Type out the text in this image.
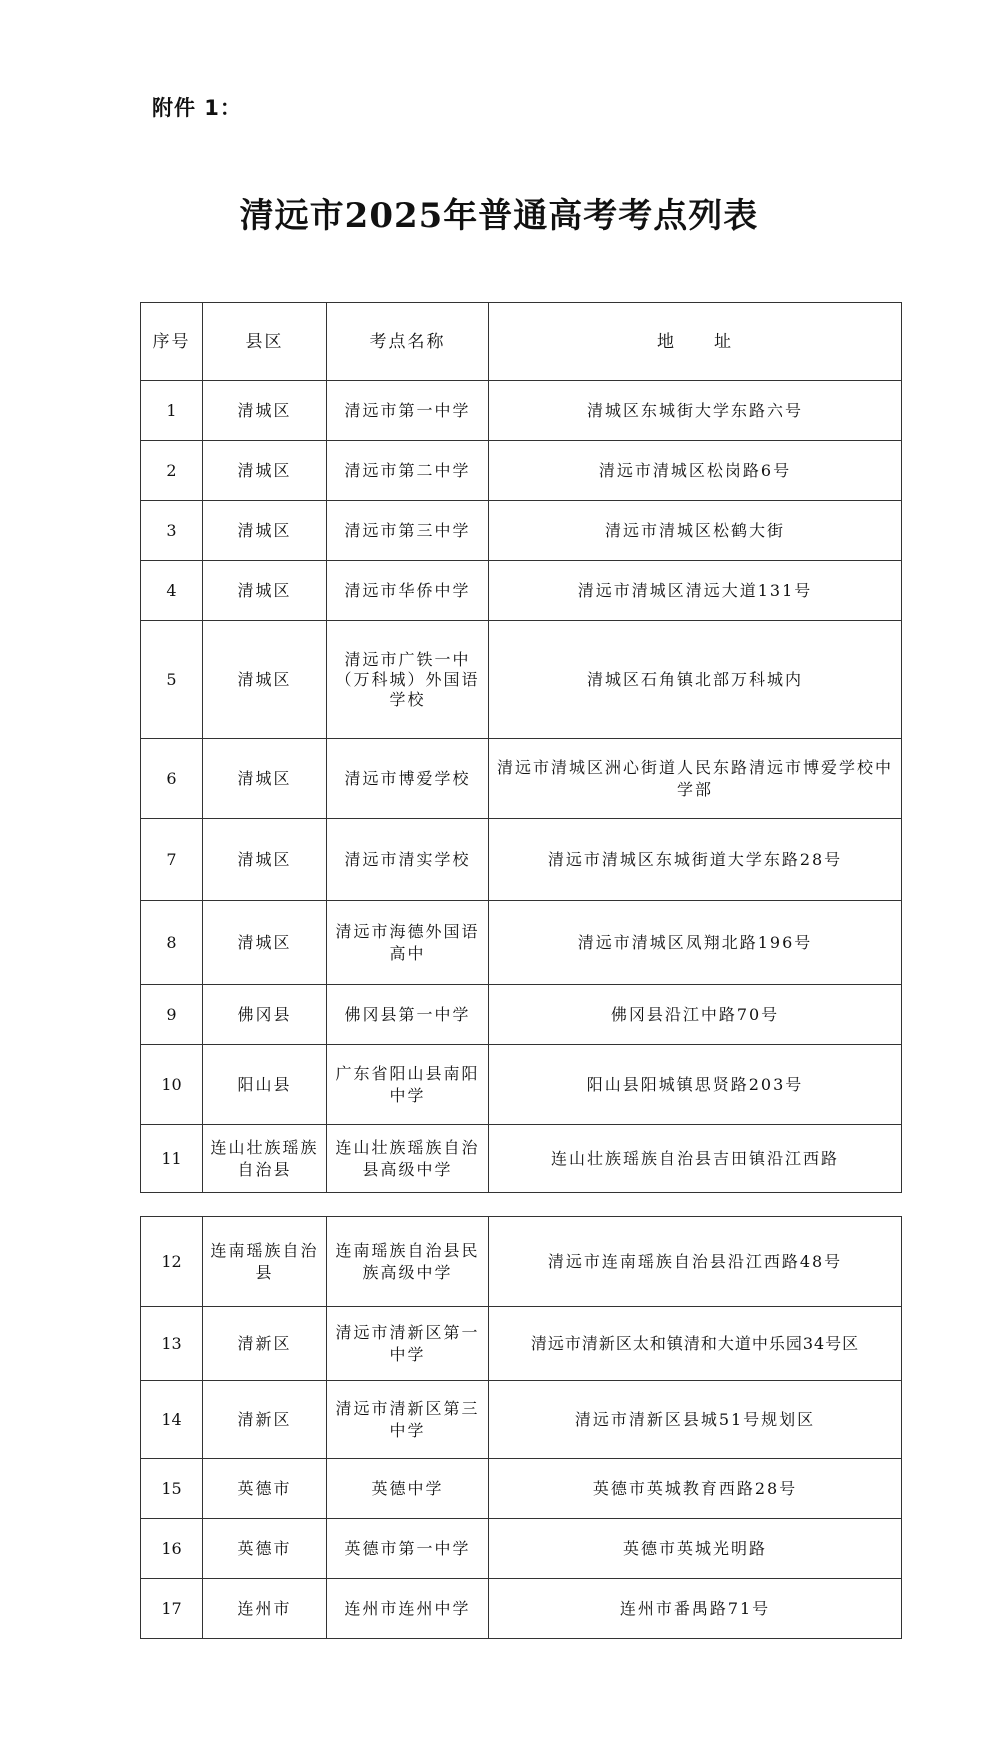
附件 1：
清远市2025年普通高考考点列表
序号	县区	考点名称	地　　址
1	清城区	清远市第一中学	清城区东城街大学东路六号
2	清城区	清远市第二中学	清远市清城区松岗路6号
3	清城区	清远市第三中学	清远市清城区松鹤大街
4	清城区	清远市华侨中学	清远市清城区清远大道131号
5	清城区	清远市广铁一中（万科城）外国语学校	清城区石角镇北部万科城内
6	清城区	清远市博爱学校	清远市清城区洲心街道人民东路清远市博爱学校中学部
7	清城区	清远市清实学校	清远市清城区东城街道大学东路28号
8	清城区	清远市海德外国语高中	清远市清城区凤翔北路196号
9	佛冈县	佛冈县第一中学	佛冈县沿江中路70号
10	阳山县	广东省阳山县南阳中学	阳山县阳城镇思贤路203号
11	连山壮族瑶族自治县	连山壮族瑶族自治县高级中学	连山壮族瑶族自治县吉田镇沿江西路
12	连南瑶族自治县	连南瑶族自治县民族高级中学	清远市连南瑶族自治县沿江西路48号
13	清新区	清远市清新区第一中学	清远市清新区太和镇清和大道中乐园34号区
14	清新区	清远市清新区第三中学	清远市清新区县城51号规划区
15	英德市	英德中学	英德市英城教育西路28号
16	英德市	英德市第一中学	英德市英城光明路
17	连州市	连州市连州中学	连州市番禺路71号
